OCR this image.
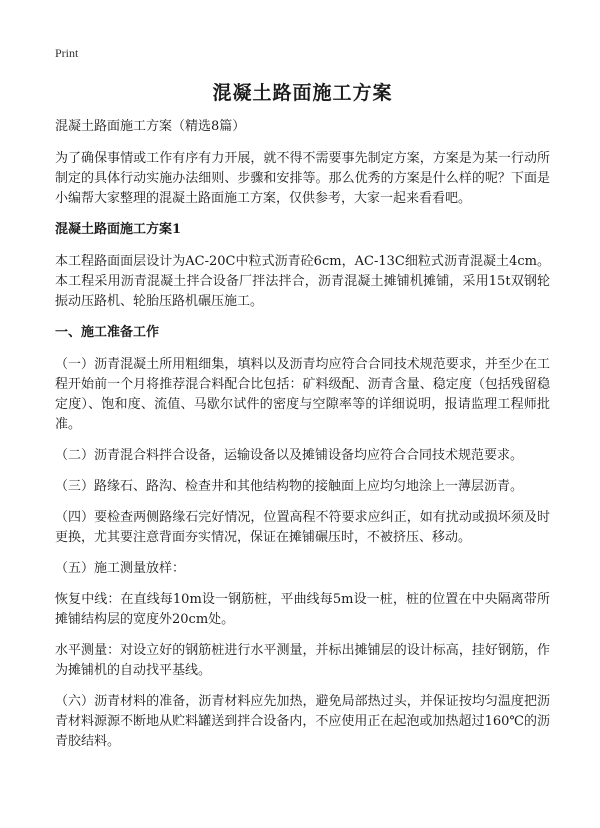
Print
混凝土路面施工方案

混凝土路面施工方案（精选8篇）

为了确保事情或工作有序有力开展，就不得不需要事先制定方案，方案是为某一行动所制定的具体行动实施办法细则、步骤和安排等。那么优秀的方案是什么样的呢？下面是小编帮大家整理的混凝土路面施工方案，仅供参考，大家一起来看看吧。

混凝土路面施工方案1

本工程路面面层设计为AC-20C中粒式沥青砼6cm，AC-13C细粒式沥青混凝土4cm。本工程采用沥青混凝土拌合设备厂拌法拌合，沥青混凝土摊铺机摊铺，采用15t双钢轮振动压路机、轮胎压路机碾压施工。

一、施工准备工作

（一）沥青混凝土所用粗细集，填料以及沥青均应符合合同技术规范要求，并至少在工程开始前一个月将推荐混合料配合比包括：矿料级配、沥青含量、稳定度（包括残留稳定度）、饱和度、流值、马歇尔试件的密度与空隙率等的详细说明，报请监理工程师批准。

（二）沥青混合料拌合设备，运输设备以及摊铺设备均应符合合同技术规范要求。

（三）路缘石、路沟、检查井和其他结构物的接触面上应均匀地涂上一薄层沥青。

（四）要检查两侧路缘石完好情况，位置高程不符要求应纠正，如有扰动或损坏须及时更换，尤其要注意背面夯实情况，保证在摊铺碾压时，不被挤压、移动。

（五）施工测量放样：

恢复中线：在直线每10m设一钢筋桩，平曲线每5m设一桩，桩的位置在中央隔离带所摊铺结构层的宽度外20cm处。

水平测量：对设立好的钢筋桩进行水平测量，并标出摊铺层的设计标高，挂好钢筋，作为摊铺机的自动找平基线。

（六）沥青材料的准备，沥青材料应先加热，避免局部热过头，并保证按均匀温度把沥青材料源源不断地从贮料罐送到拌合设备内，不应使用正在起泡或加热超过160℃的沥青胶结料。
